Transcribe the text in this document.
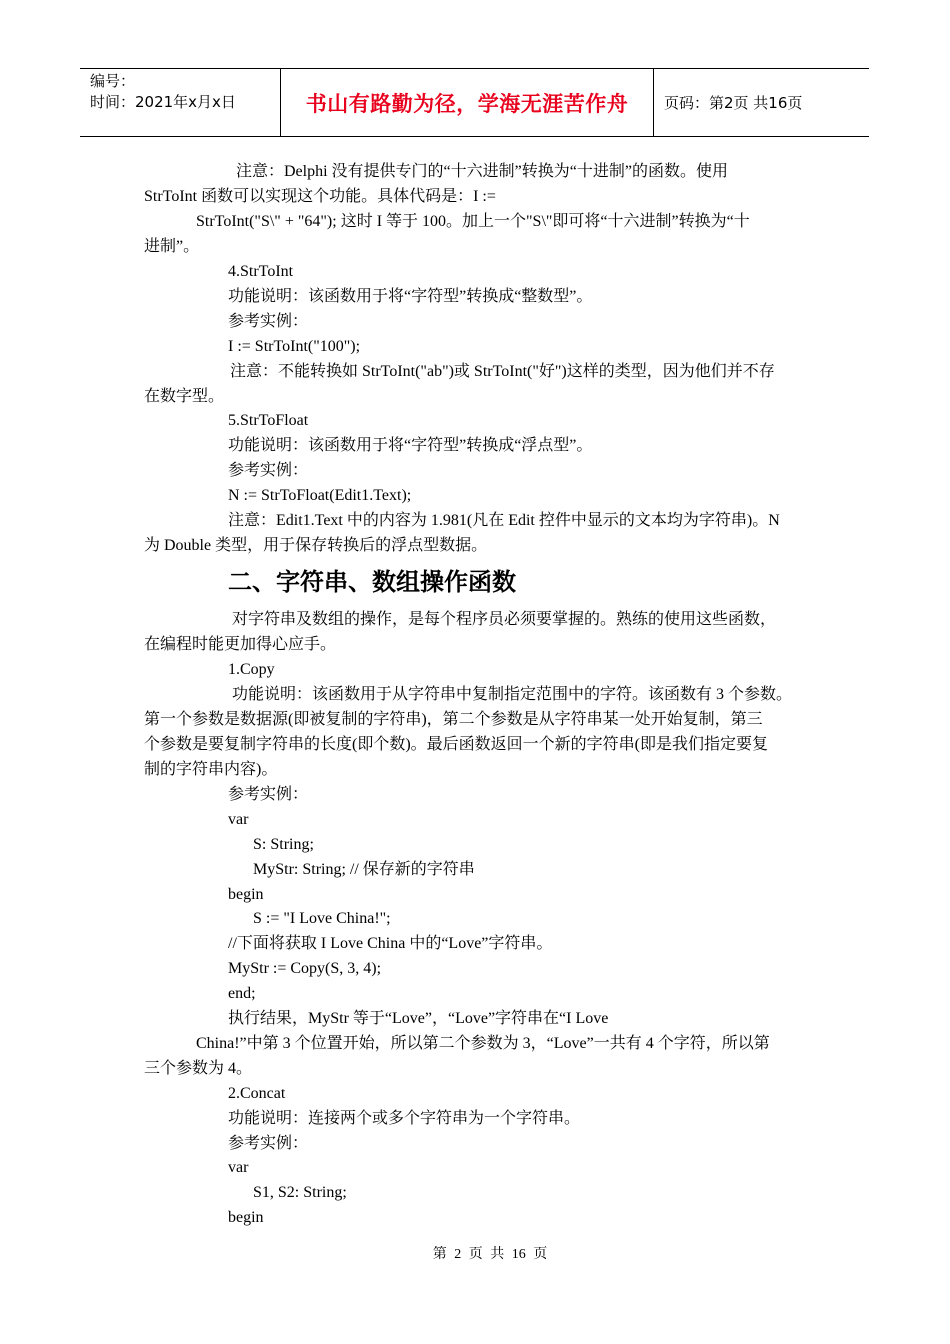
编号：
时间：2021年x月x日	书山有路勤为径，学海无涯苦作舟 页码：第2页 共16页
注意：Delphi 没有提供专门的“十六进制”转换为“十进制”的函数。使用
StrToInt 函数可以实现这个功能。具体代码是：I :=
StrToInt("S\" + "64"); 这时 I 等于 100。加上一个"S\"即可将“十六进制”转换为“十
进制”。
4.StrToInt
功能说明：该函数用于将“字符型”转换成“整数型”。
参考实例：
I := StrToInt("100");
注意：不能转换如 StrToInt("ab")或 StrToInt("好")这样的类型，因为他们并不存
在数字型。
5.StrToFloat
功能说明：该函数用于将“字符型”转换成“浮点型”。
参考实例：
N := StrToFloat(Edit1.Text);
注意：Edit1.Text 中的内容为 1.981(凡在 Edit 控件中显示的文本均为字符串)。N
为 Double 类型，用于保存转换后的浮点型数据。
二、字符串、数组操作函数
对字符串及数组的操作，是每个程序员必须要掌握的。熟练的使用这些函数，
在编程时能更加得心应手。
1.Copy
功能说明：该函数用于从字符串中复制指定范围中的字符。该函数有 3 个参数。
第一个参数是数据源(即被复制的字符串)，第二个参数是从字符串某一处开始复制，第三
个参数是要复制字符串的长度(即个数)。最后函数返回一个新的字符串(即是我们指定要复
制的字符串内容)。
参考实例：
var
S: String;
MyStr: String; // 保存新的字符串
begin
S := "I Love China!";
//下面将获取 I Love China 中的“Love”字符串。
MyStr := Copy(S, 3, 4);
end;
执行结果，MyStr 等于“Love”，“Love”字符串在“I Love
China!”中第 3 个位置开始，所以第二个参数为 3，“Love”一共有 4 个字符，所以第
三个参数为 4。
2.Concat
功能说明：连接两个或多个字符串为一个字符串。
参考实例：
var
S1, S2: String;
begin
第 2 页 共 16 页
